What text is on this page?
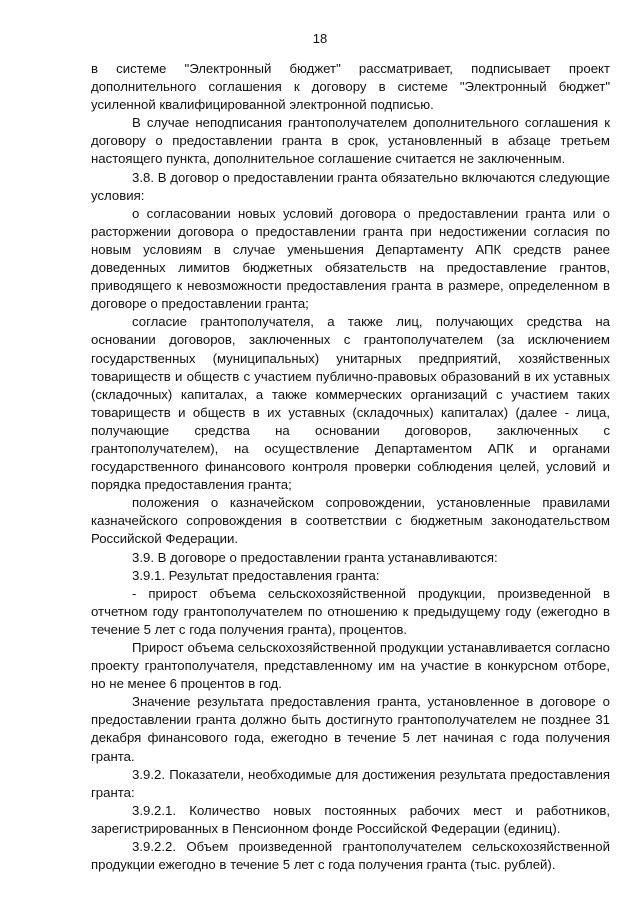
18

в системе "Электронный бюджет" рассматривает, подписывает проект дополнительного соглашения к договору в системе "Электронный бюджет" усиленной квалифицированной электронной подписью.

В случае неподписания грантополучателем дополнительного соглашения к договору о предоставлении гранта в срок, установленный в абзаце третьем настоящего пункта, дополнительное соглашение считается не заключенным.

3.8. В договор о предоставлении гранта обязательно включаются следующие условия:

о согласовании новых условий договора о предоставлении гранта или о расторжении договора о предоставлении гранта при недостижении согласия по новым условиям в случае уменьшения Департаменту АПК средств ранее доведенных лимитов бюджетных обязательств на предоставление грантов, приводящего к невозможности предоставления гранта в размере, определенном в договоре о предоставлении гранта;

согласие грантополучателя, а также лиц, получающих средства на основании договоров, заключенных с грантополучателем (за исключением государственных (муниципальных) унитарных предприятий, хозяйственных товариществ и обществ с участием публично-правовых образований в их уставных (складочных) капиталах, а также коммерческих организаций с участием таких товариществ и обществ в их уставных (складочных) капиталах) (далее - лица, получающие средства на основании договоров, заключенных с грантополучателем), на осуществление Департаментом АПК и органами государственного финансового контроля проверки соблюдения целей, условий и порядка предоставления гранта;

положения о казначейском сопровождении, установленные правилами казначейского сопровождения в соответствии с бюджетным законодательством Российской Федерации.

3.9. В договоре о предоставлении гранта устанавливаются:

3.9.1. Результат предоставления гранта:

- прирост объема сельскохозяйственной продукции, произведенной в отчетном году грантополучателем по отношению к предыдущему году (ежегодно в течение 5 лет с года получения гранта), процентов.

Прирост объема сельскохозяйственной продукции устанавливается согласно проекту грантополучателя, представленному им на участие в конкурсном отборе, но не менее 6 процентов в год.

Значение результата предоставления гранта, установленное в договоре о предоставлении гранта должно быть достигнуто грантополучателем не позднее 31 декабря финансового года, ежегодно в течение 5 лет начиная с года получения гранта.

3.9.2. Показатели, необходимые для достижения результата предоставления гранта:

3.9.2.1. Количество новых постоянных рабочих мест и работников, зарегистрированных в Пенсионном фонде Российской Федерации (единиц).

3.9.2.2. Объем произведенной грантополучателем сельскохозяйственной продукции ежегодно в течение 5 лет с года получения гранта (тыс. рублей).
